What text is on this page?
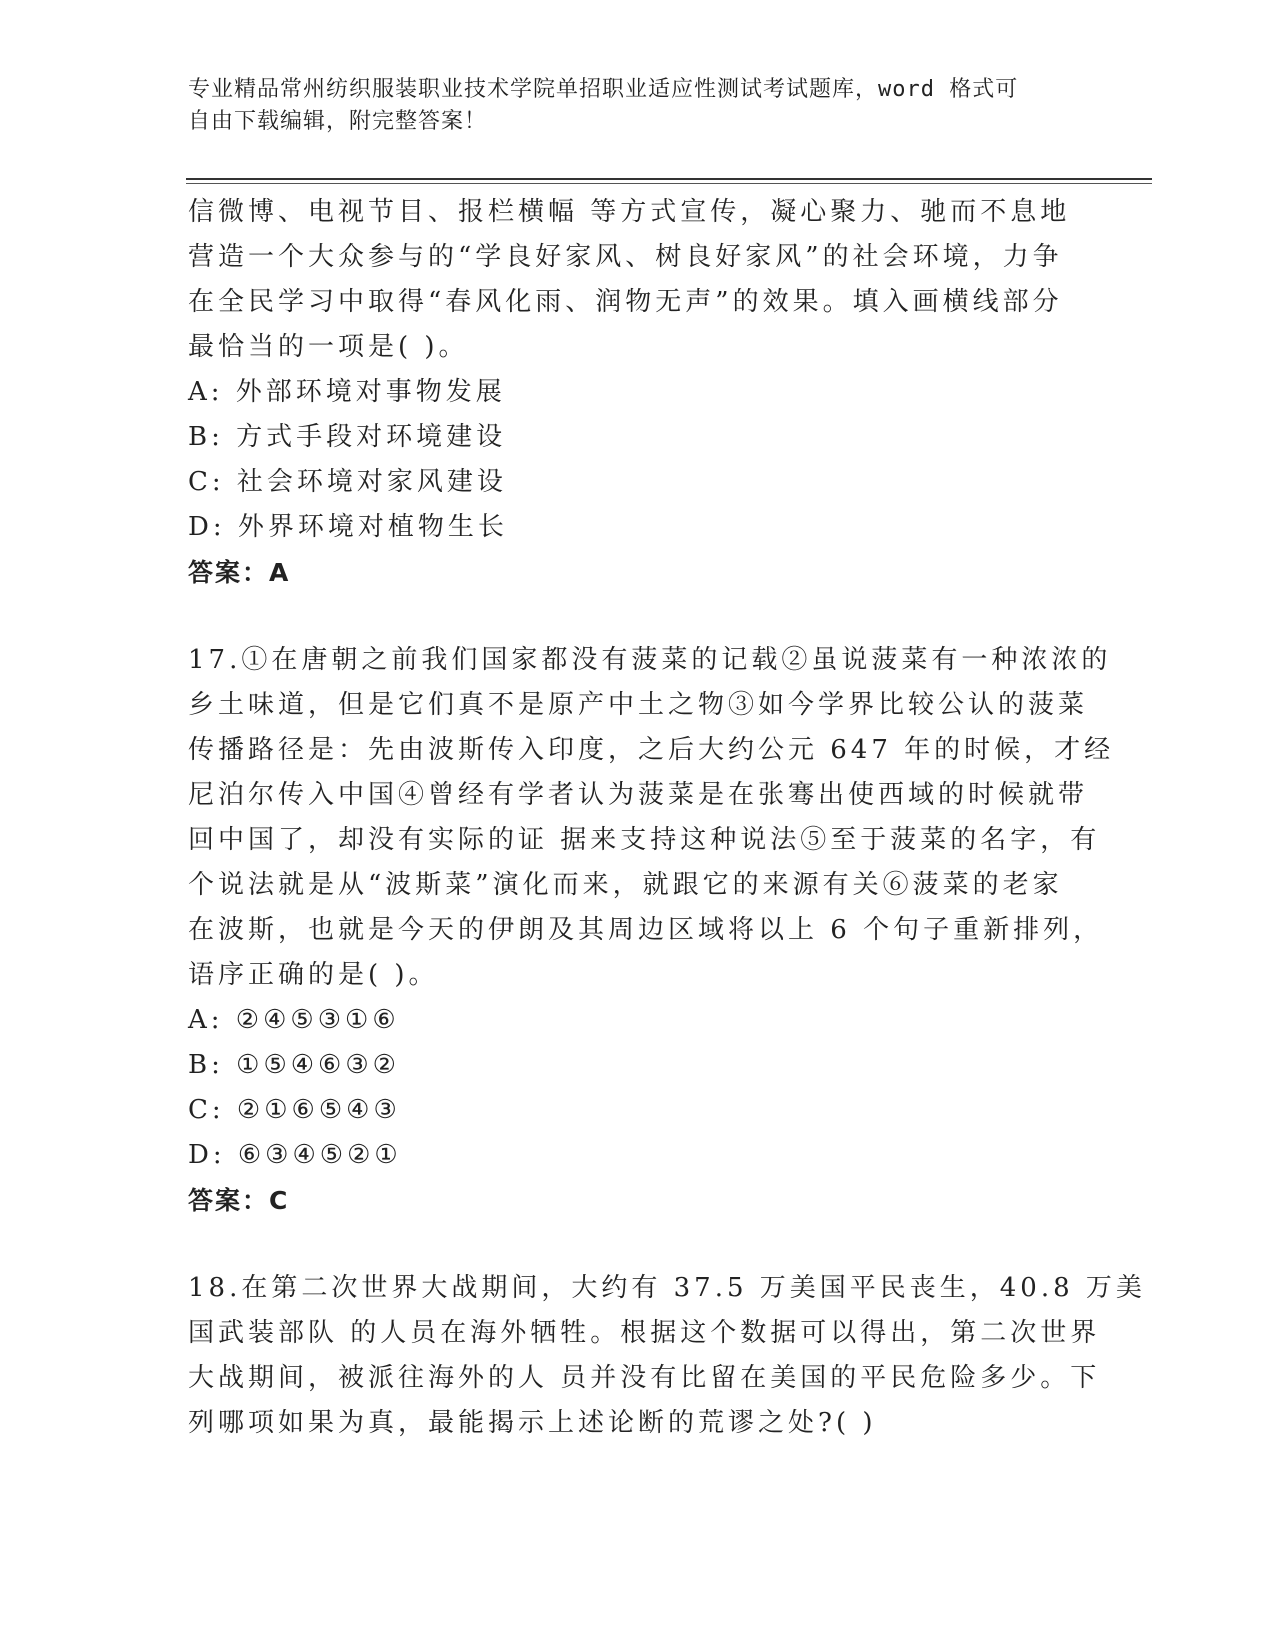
专业精品常州纺织服装职业技术学院单招职业适应性测试考试题库，word 格式可
自由下载编辑，附完整答案！
信微博、电视节目、报栏横幅 等方式宣传，凝心聚力、驰而不息地
营造一个大众参与的“学良好家风、树良好家风”的社会环境，力争
在全民学习中取得“春风化雨、润物无声”的效果。填入画横线部分
最恰当的一项是( )。
A: 外部环境对事物发展
B: 方式手段对环境建设
C: 社会环境对家风建设
D: 外界环境对植物生长
答案：A
17.①在唐朝之前我们国家都没有菠菜的记载②虽说菠菜有一种浓浓的
乡土味道，但是它们真不是原产中土之物③如今学界比较公认的菠菜
传播路径是：先由波斯传入印度，之后大约公元 647 年的时候，才经
尼泊尔传入中国④曾经有学者认为菠菜是在张骞出使西域的时候就带
回中国了，却没有实际的证 据来支持这种说法⑤至于菠菜的名字，有
个说法就是从“波斯菜”演化而来，就跟它的来源有关⑥菠菜的老家
在波斯，也就是今天的伊朗及其周边区域将以上 6 个句子重新排列，
语序正确的是( )。
A: ②④⑤③①⑥
B: ①⑤④⑥③②
C: ②①⑥⑤④③
D: ⑥③④⑤②①
答案：C
18.在第二次世界大战期间，大约有 37.5 万美国平民丧生，40.8 万美
国武装部队 的人员在海外牺牲。根据这个数据可以得出，第二次世界
大战期间，被派往海外的人 员并没有比留在美国的平民危险多少。下
列哪项如果为真，最能揭示上述论断的荒谬之处?( )
